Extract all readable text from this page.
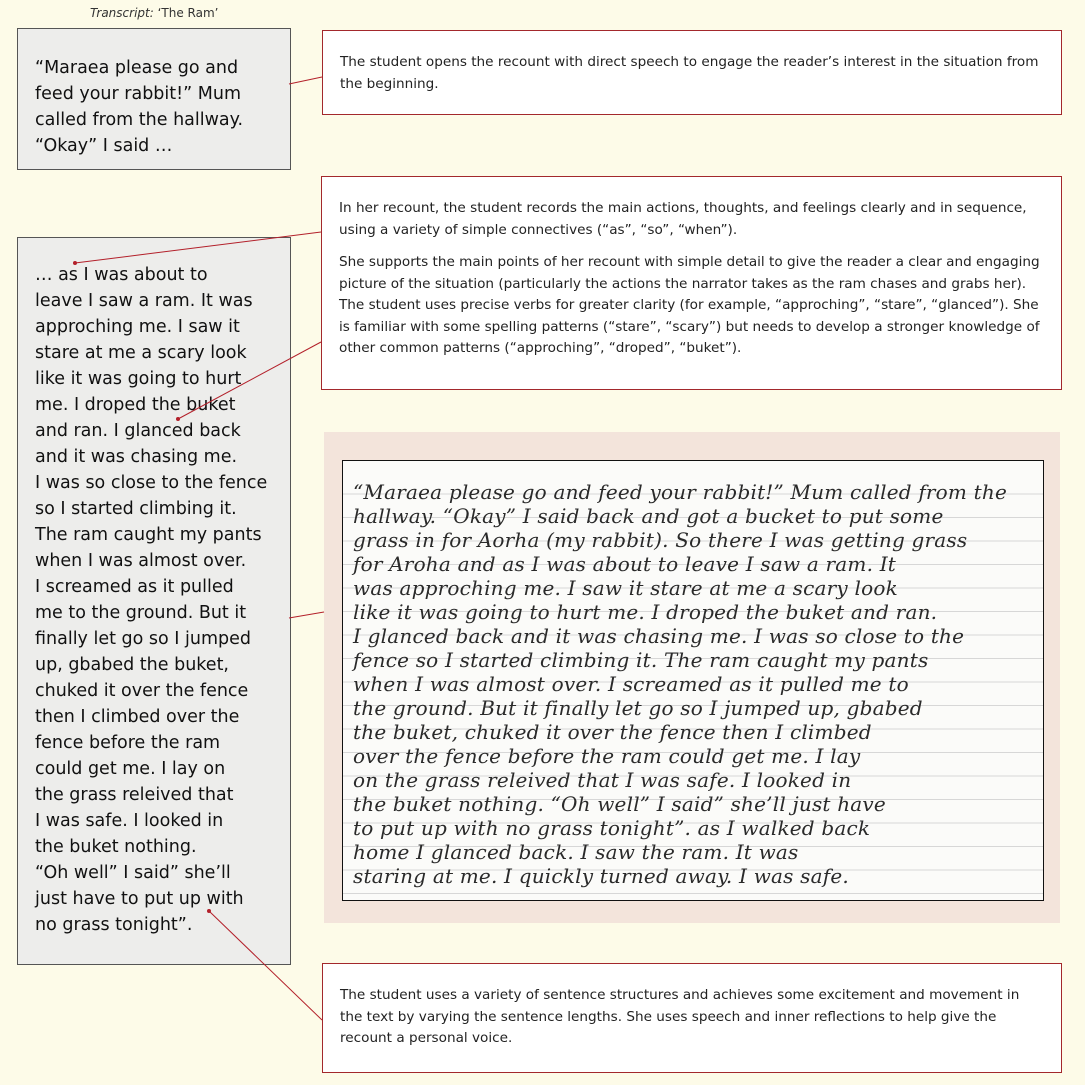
Transcript: ‘The Ram’

“Maraea please go and
feed your rabbit!” Mum
called from the hallway.
“Okay” I said …

… as I was about to
leave I saw a ram. It was
approching me. I saw it
stare at me a scary look
like it was going to hurt
me. I droped the buket
and ran. I glanced back
and it was chasing me.
I was so close to the fence
so I started climbing it.
The ram caught my pants
when I was almost over.
I screamed as it pulled
me to the ground. But it
finally let go so I jumped
up, gbabed the buket,
chuked it over the fence
then I climbed over the
fence before the ram
could get me. I lay on
the grass releived that
I was safe. I looked in
the buket nothing.
“Oh well” I said” she’ll
just have to put up with
no grass tonight”.

The student opens the recount with direct speech to engage the reader’s interest in the situation from the beginning.

In her recount, the student records the main actions, thoughts, and feelings clearly and in sequence, using a variety of simple connectives (“as”, “so”, “when”).

She supports the main points of her recount with simple detail to give the reader a clear and engaging picture of the situation (particularly the actions the narrator takes as the ram chases and grabs her). The student uses precise verbs for greater clarity (for example, “approching”, “stare”, “glanced”). She is familiar with some spelling patterns (“stare”, “scary”) but needs to develop a stronger knowledge of other common patterns (“approching”, “droped”, “buket”).

The student uses a variety of sentence structures and achieves some excitement and movement in the text by varying the sentence lengths. She uses speech and inner reflections to help give the recount a personal voice.

“Maraea please go and feed your rabbit!” Mum called from the
hallway. “Okay” I said back and got a bucket to put some
grass in for Aorha (my rabbit). So there I was getting grass
for Aroha and as I was about to leave I saw a ram. It
was approching me. I saw it stare at me a scary look
like it was going to hurt me. I droped the buket and ran.
I glanced back and it was chasing me. I was so close to the
fence so I started climbing it. The ram caught my pants
when I was almost over. I screamed as it pulled me to
the ground. But it finally let go so I jumped up, gbabed
the buket, chuked it over the fence then I climbed
over the fence before the ram could get me. I lay
on the grass releived that I was safe. I looked in
the buket nothing. “Oh well” I said” she’ll just have
to put up with no grass tonight”. as I walked back
home I glanced back. I saw the ram. It was
staring at me. I quickly turned away. I was safe.
